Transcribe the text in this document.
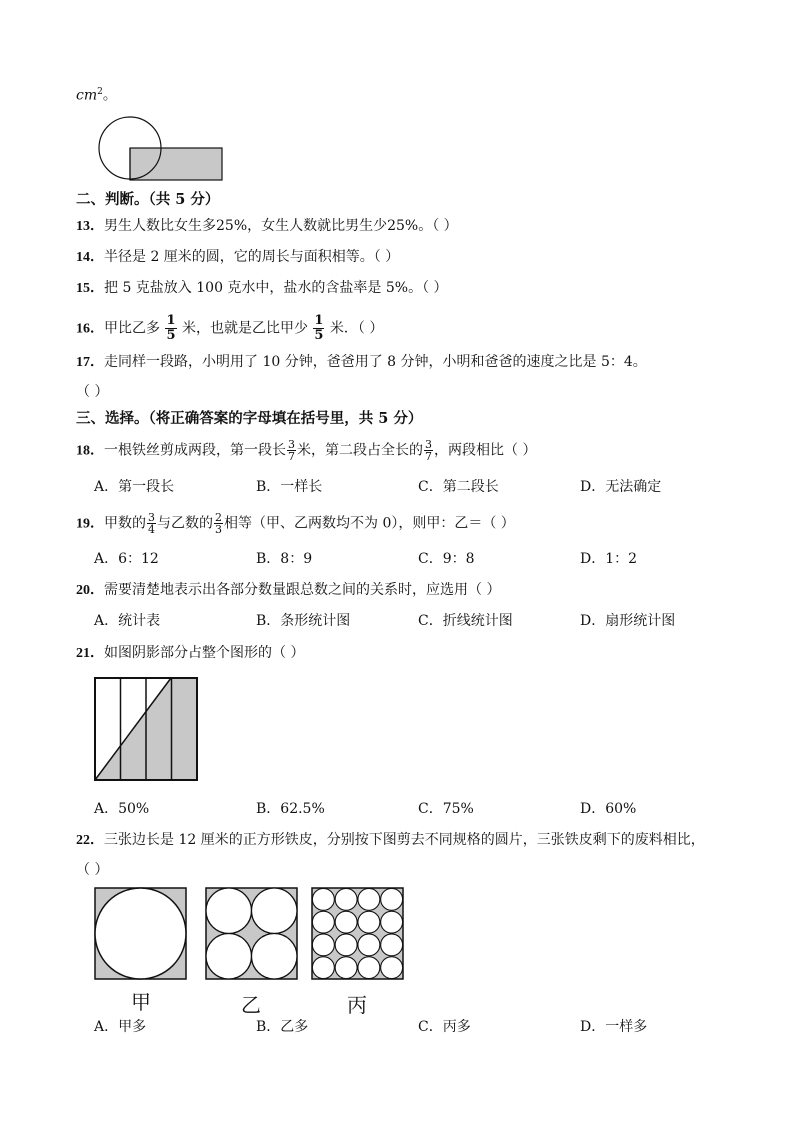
$cm^2$。
二、判断。（共 5 分）
13．男生人数比女生多25%，女生人数就比男生少25%。（ ）
14．半径是 2 厘米的圆，它的周长与面积相等。（ ）
15．把 5 克盐放入 100 克水中，盐水的含盐率是 5%。（ ）
16．甲比乙多 $\frac{1}{5}$ 米，也就是乙比甲少 $\frac{1}{5}$ 米．（ ）
17．走同样一段路，小明用了 10 分钟，爸爸用了 8 分钟，小明和爸爸的速度之比是 5：4。
（ ）
三、选择。（将正确答案的字母填在括号里，共 5 分）
18．一根铁丝剪成两段，第一段长 $\frac{3}{7}$ 米，第二段占全长的 $\frac{3}{7}$ ，两段相比（ ）
A．第一段长	B．一样长	C．第二段长	D．无法确定
19．甲数的 $\frac{3}{4}$ 与乙数的 $\frac{2}{3}$ 相等（甲、乙两数均不为 0），则甲：乙＝（ ）
A．6：12	B．8：9	C．9：8	D．1：2
20．需要清楚地表示出各部分数量跟总数之间的关系时，应选用（ ）
A．统计表	B．条形统计图	C．折线统计图	D．扇形统计图
21．如图阴影部分占整个图形的（ ）
A．50%	B．62.5%	C．75%	D．60%
22．三张边长是 12 厘米的正方形铁皮，分别按下图剪去不同规格的圆片，三张铁皮剩下的废料相比，
（ ）
甲	乙	丙
A．甲多	B．乙多	C．丙多	D．一样多
